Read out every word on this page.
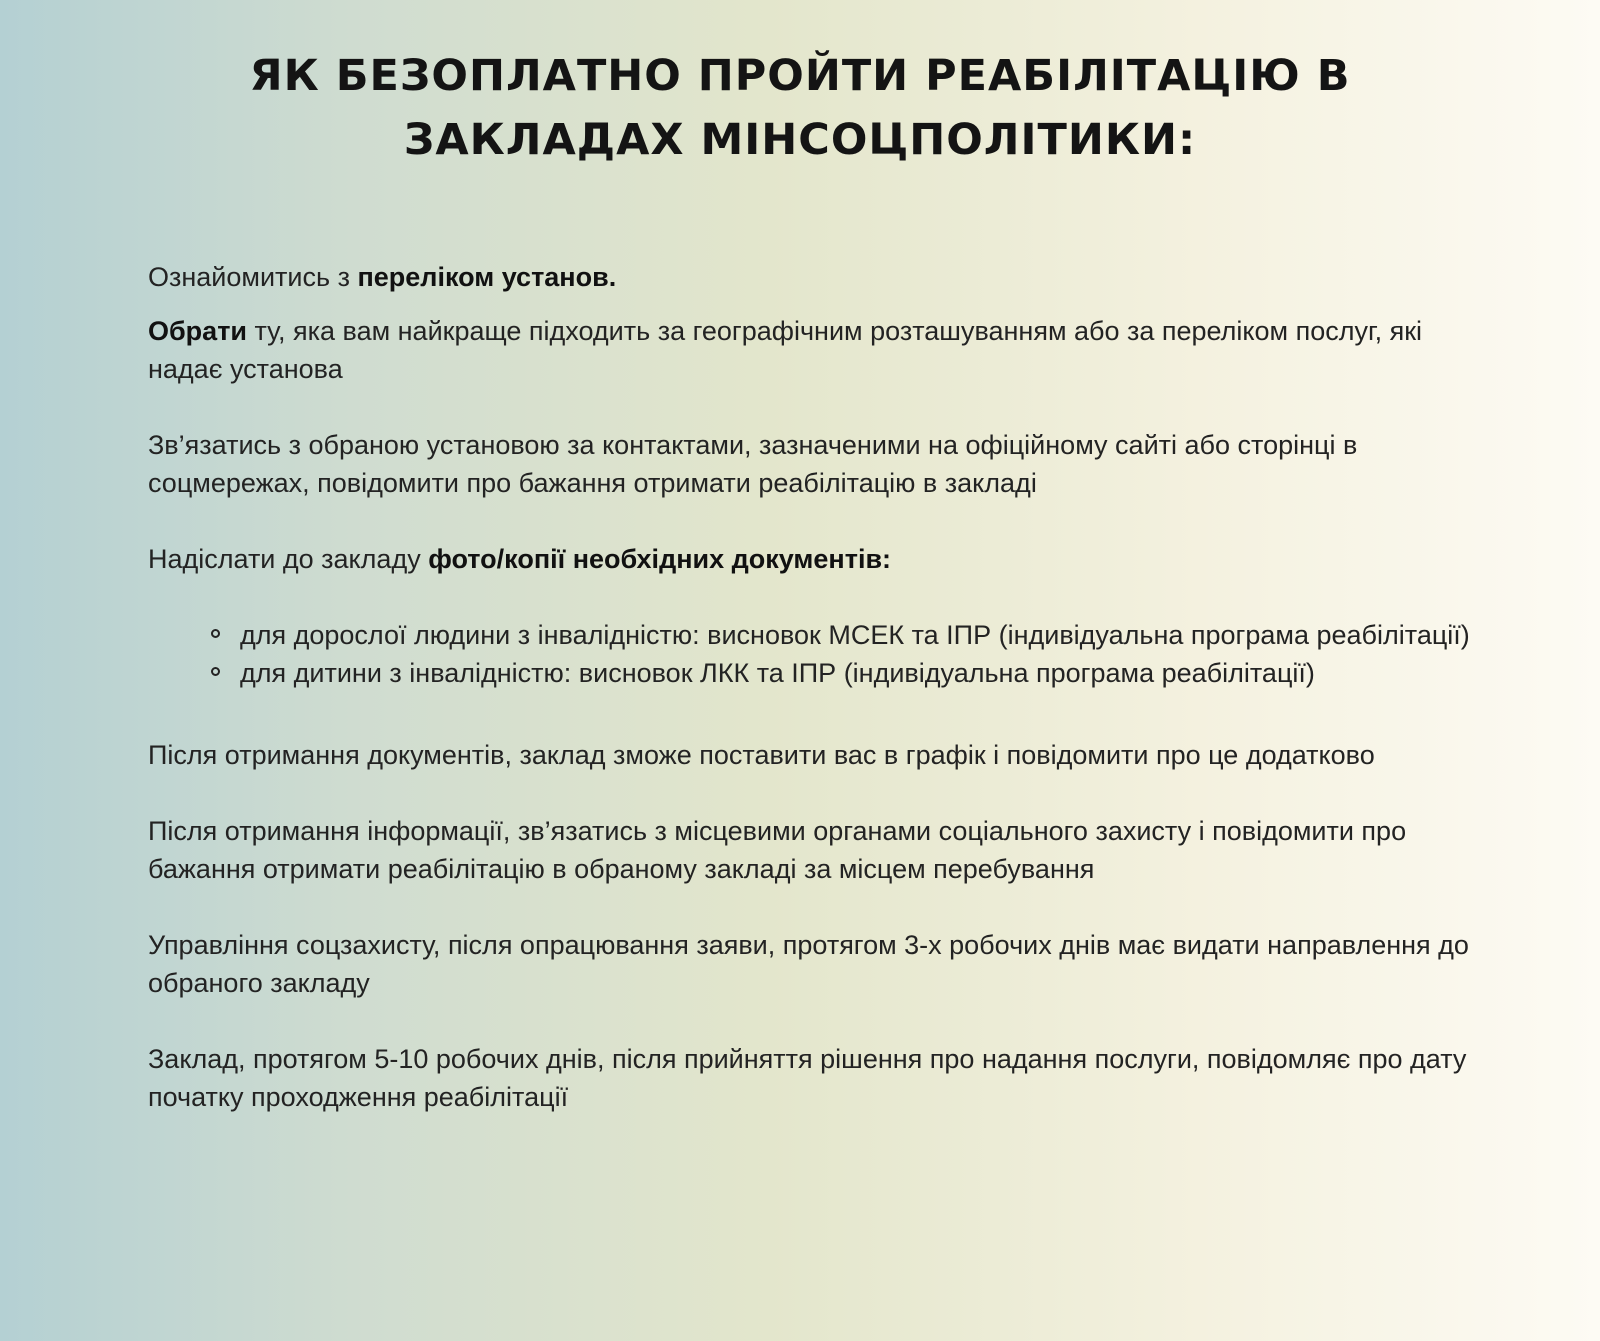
ЯК БЕЗОПЛАТНО ПРОЙТИ РЕАБІЛІТАЦІЮ В
ЗАКЛАДАХ МІНСОЦПОЛІТИКИ:

Ознайомитись з переліком установ.

Обрати ту, яка вам найкраще підходить за географічним розташуванням або за переліком послуг, які надає установа

Зв’язатись з обраною установою за контактами, зазначеними на офіційному сайті або сторінці в соцмережах, повідомити про бажання отримати реабілітацію в закладі

Надіслати до закладу фото/копії необхідних документів:

для дорослої людини з інвалідністю: висновок МСЕК та ІПР (індивідуальна програма реабілітації)
для дитини з інвалідністю: висновок ЛКК та ІПР (індивідуальна програма реабілітації)

Після отримання документів, заклад зможе поставити вас в графік і повідомити про це додатково

Після отримання інформації, зв’язатись з місцевими органами соціального захисту і повідомити про бажання отримати реабілітацію в обраному закладі за місцем перебування

Управління соцзахисту, після опрацювання заяви, протягом 3-х робочих днів має видати направлення до обраного закладу

Заклад, протягом 5-10 робочих днів, після прийняття рішення про надання послуги, повідомляє про дату початку проходження реабілітації
